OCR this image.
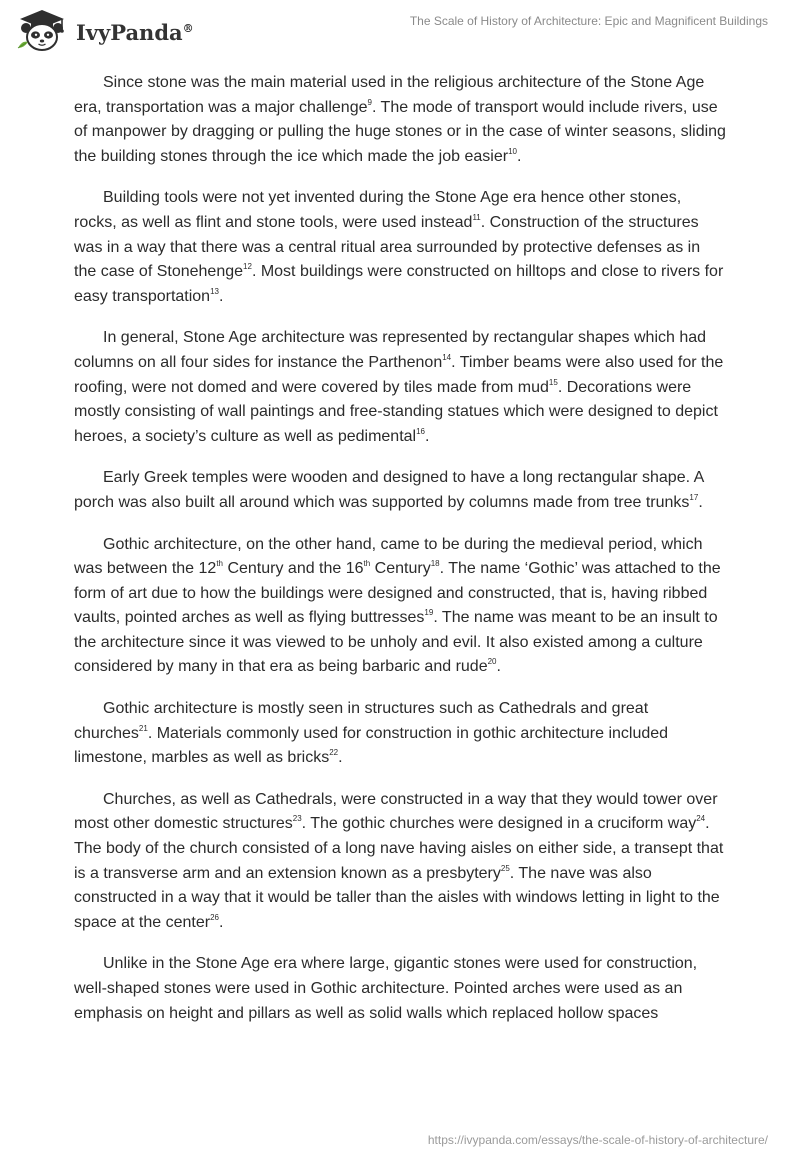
IvyPanda®
The Scale of History of Architecture: Epic and Magnificent Buildings

Since stone was the main material used in the religious architecture of the Stone Age era, transportation was a major challenge$^9$. The mode of transport would include rivers, use of manpower by dragging or pulling the huge stones or in the case of winter seasons, sliding the building stones through the ice which made the job easier$^{10}$.

Building tools were not yet invented during the Stone Age era hence other stones, rocks, as well as flint and stone tools, were used instead$^{11}$. Construction of the structures was in a way that there was a central ritual area surrounded by protective defenses as in the case of Stonehenge$^{12}$. Most buildings were constructed on hilltops and close to rivers for easy transportation$^{13}$.

In general, Stone Age architecture was represented by rectangular shapes which had columns on all four sides for instance the Parthenon$^{14}$. Timber beams were also used for the roofing, were not domed and were covered by tiles made from mud$^{15}$. Decorations were mostly consisting of wall paintings and free-standing statues which were designed to depict heroes, a society’s culture as well as pedimental$^{16}$.

Early Greek temples were wooden and designed to have a long rectangular shape. A porch was also built all around which was supported by columns made from tree trunks$^{17}$.

Gothic architecture, on the other hand, came to be during the medieval period, which was between the 12th Century and the 16th Century$^{18}$. The name ‘Gothic’ was attached to the form of art due to how the buildings were designed and constructed, that is, having ribbed vaults, pointed arches as well as flying buttresses$^{19}$. The name was meant to be an insult to the architecture since it was viewed to be unholy and evil. It also existed among a culture considered by many in that era as being barbaric and rude$^{20}$.

Gothic architecture is mostly seen in structures such as Cathedrals and great churches$^{21}$. Materials commonly used for construction in gothic architecture included limestone, marbles as well as bricks$^{22}$.

Churches, as well as Cathedrals, were constructed in a way that they would tower over most other domestic structures$^{23}$. The gothic churches were designed in a cruciform way$^{24}$. The body of the church consisted of a long nave having aisles on either side, a transept that is a transverse arm and an extension known as a presbytery$^{25}$. The nave was also constructed in a way that it would be taller than the aisles with windows letting in light to the space at the center$^{26}$.

Unlike in the Stone Age era where large, gigantic stones were used for construction, well-shaped stones were used in Gothic architecture. Pointed arches were used as an emphasis on height and pillars as well as solid walls which replaced hollow spaces

https://ivypanda.com/essays/the-scale-of-history-of-architecture/
